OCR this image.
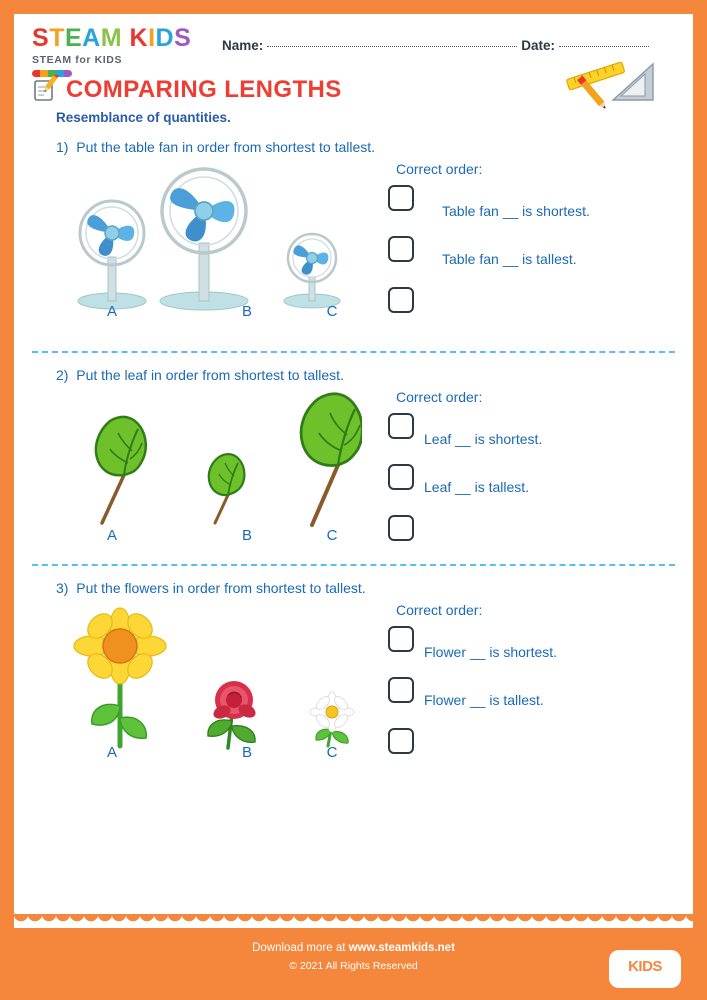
STEAM KIDS
STEAM for KIDS
Name:	Date:
COMPARING LENGTHS
Resemblance of quantities.
1) Put the table fan in order from shortest to tallest.
A	B	C
Correct order:
Table fan __ is shortest.
Table fan __ is tallest.
2) Put the leaf in order from shortest to tallest.
A	B	C
Correct order:
Leaf __ is shortest.
Leaf __ is tallest.
3) Put the flowers in order from shortest to tallest.
A	B	C
Correct order:
Flower __ is shortest.
Flower __ is tallest.
Download more at www.steamkids.net
© 2021 All Rights Reserved	KIDS
